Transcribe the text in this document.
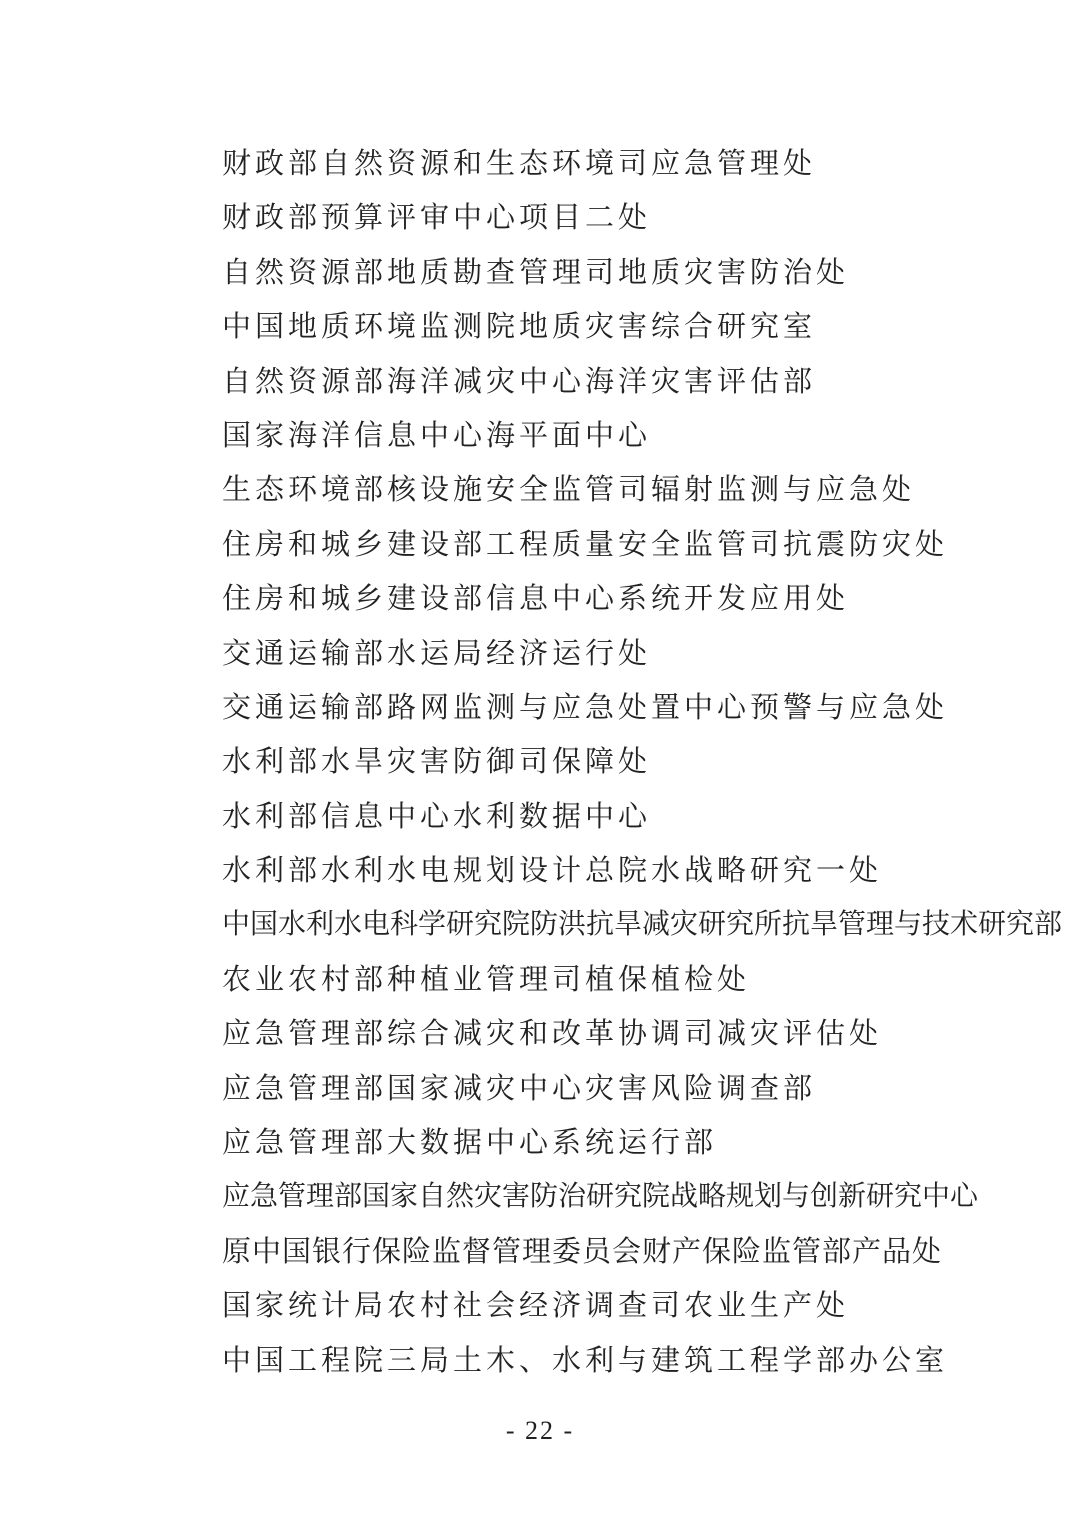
财政部自然资源和生态环境司应急管理处
财政部预算评审中心项目二处
自然资源部地质勘查管理司地质灾害防治处
中国地质环境监测院地质灾害综合研究室
自然资源部海洋减灾中心海洋灾害评估部
国家海洋信息中心海平面中心
生态环境部核设施安全监管司辐射监测与应急处
住房和城乡建设部工程质量安全监管司抗震防灾处
住房和城乡建设部信息中心系统开发应用处
交通运输部水运局经济运行处
交通运输部路网监测与应急处置中心预警与应急处
水利部水旱灾害防御司保障处
水利部信息中心水利数据中心
水利部水利水电规划设计总院水战略研究一处
中国水利水电科学研究院防洪抗旱减灾研究所抗旱管理与技术研究部
农业农村部种植业管理司植保植检处
应急管理部综合减灾和改革协调司减灾评估处
应急管理部国家减灾中心灾害风险调查部
应急管理部大数据中心系统运行部
应急管理部国家自然灾害防治研究院战略规划与创新研究中心
原中国银行保险监督管理委员会财产保险监管部产品处
国家统计局农村社会经济调查司农业生产处
中国工程院三局土木、水利与建筑工程学部办公室
- 22 -
